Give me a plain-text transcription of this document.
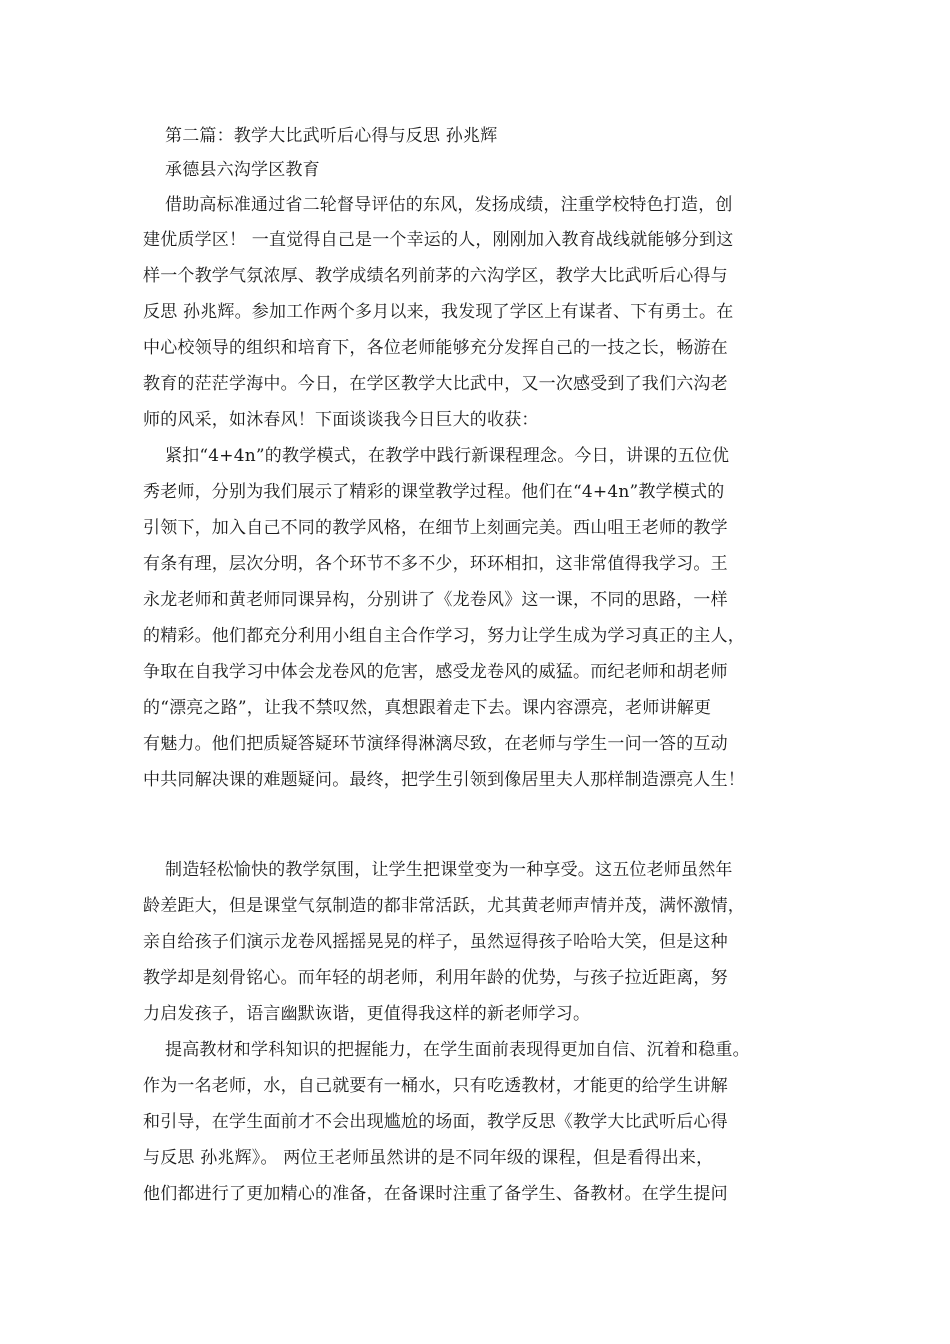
第二篇：教学大比武听后心得与反思 孙兆辉
承德县六沟学区教育
借助高标准通过省二轮督导评估的东风，发扬成绩，注重学校特色打造，创
建优质学区！ 一直觉得自己是一个幸运的人，刚刚加入教育战线就能够分到这
样一个教学气氛浓厚、教学成绩名列前茅的六沟学区，教学大比武听后心得与
反思 孙兆辉。参加工作两个多月以来，我发现了学区上有谋者、下有勇士。在
中心校领导的组织和培育下，各位老师能够充分发挥自己的一技之长，畅游在
教育的茫茫学海中。今日，在学区教学大比武中，又一次感受到了我们六沟老
师的风采，如沐春风！下面谈谈我今日巨大的收获：
紧扣“4+4n”的教学模式，在教学中践行新课程理念。今日，讲课的五位优
秀老师，分别为我们展示了精彩的课堂教学过程。他们在“4+4n”教学模式的
引领下，加入自己不同的教学风格，在细节上刻画完美。西山咀王老师的教学
有条有理，层次分明，各个环节不多不少，环环相扣，这非常值得我学习。王
永龙老师和黄老师同课异构，分别讲了《龙卷风》这一课，不同的思路，一样
的精彩。他们都充分利用小组自主合作学习，努力让学生成为学习真正的主人，
争取在自我学习中体会龙卷风的危害，感受龙卷风的威猛。而纪老师和胡老师
的“漂亮之路”，让我不禁叹然，真想跟着走下去。课内容漂亮，老师讲解更
有魅力。他们把质疑答疑环节演绎得淋漓尽致，在老师与学生一问一答的互动
中共同解决课的难题疑问。最终，把学生引领到像居里夫人那样制造漂亮人生！
制造轻松愉快的教学氛围，让学生把课堂变为一种享受。这五位老师虽然年
龄差距大，但是课堂气氛制造的都非常活跃，尤其黄老师声情并茂，满怀激情，
亲自给孩子们演示龙卷风摇摇晃晃的样子，虽然逗得孩子哈哈大笑，但是这种
教学却是刻骨铭心。而年轻的胡老师，利用年龄的优势，与孩子拉近距离，努
力启发孩子，语言幽默诙谐，更值得我这样的新老师学习。
提高教材和学科知识的把握能力，在学生面前表现得更加自信、沉着和稳重。
作为一名老师，水，自己就要有一桶水，只有吃透教材，才能更的给学生讲解
和引导，在学生面前才不会出现尴尬的场面，教学反思《教学大比武听后心得
与反思 孙兆辉》。 两位王老师虽然讲的是不同年级的课程，但是看得出来，
他们都进行了更加精心的准备，在备课时注重了备学生、备教材。在学生提问
